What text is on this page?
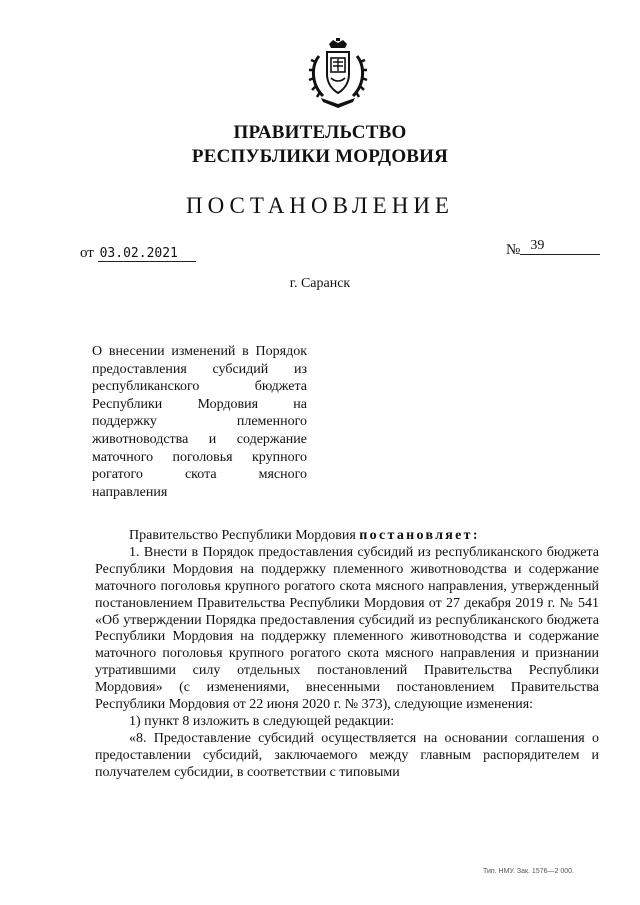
ПРАВИТЕЛЬСТВО
РЕСПУБЛИКИ МОРДОВИЯ
ПОСТАНОВЛЕНИЕ
от 03.02.2021	№ 39
г. Саранск
О внесении изменений в Порядок предоставления субсидий из республиканского бюджета Республики Мордовия на поддержку племенного животноводства и содержание маточного поголовья крупного рогатого скота мясного направления

Правительство Республики Мордовия постановляет:

1. Внести в Порядок предоставления субсидий из республиканского бюджета Республики Мордовия на поддержку племенного животноводства и содержание маточного поголовья крупного рогатого скота мясного направления, утвержденный постановлением Правительства Республики Мордовия от 27 декабря 2019 г. № 541 «Об утверждении Порядка предоставления субсидий из республиканского бюджета Республики Мордовия на поддержку племенного животноводства и содержание маточного поголовья крупного рогатого скота мясного направления и признании утратившими силу отдельных постановлений Правительства Республики Мордовия» (с изменениями, внесенными постановлением Правительства Республики Мордовия от 22 июня 2020 г. № 373), следующие изменения:

1) пункт 8 изложить в следующей редакции:

«8. Предоставление субсидий осуществляется на основании соглашения о предоставлении субсидий, заключаемого между главным распорядителем и получателем субсидии, в соответствии с типовыми

Тип. НМУ. Зак. 1576—2 000.
